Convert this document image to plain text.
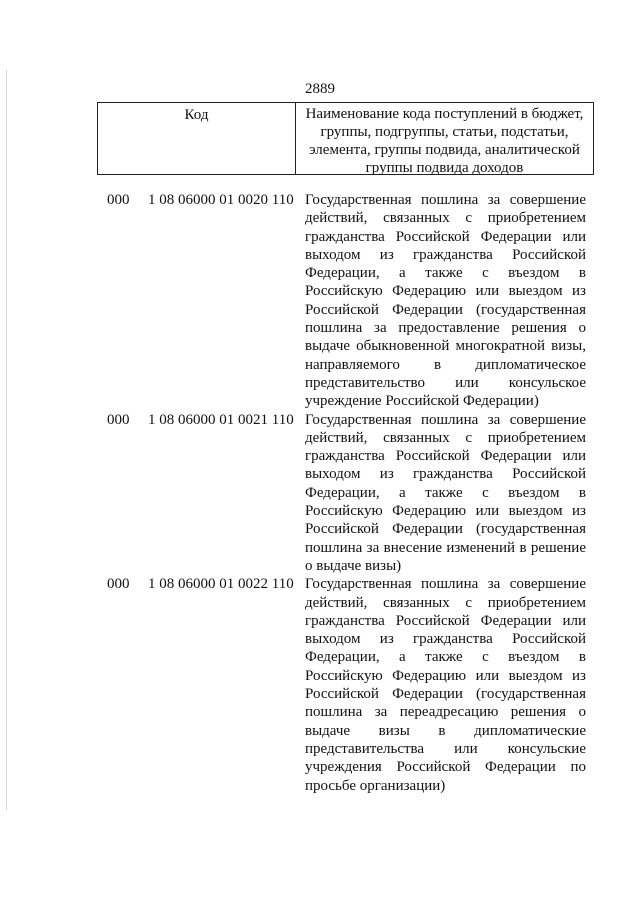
2889
Код	Наименование кода поступлений в бюджет, группы, подгруппы, статьи, подстатьи, элемента, группы подвида, аналитической группы подвида доходов
000 1 08 06000 01 0020 110 Государственная пошлина за совершение действий, связанных с приобретением гражданства Российской Федерации или выходом из гражданства Российской Федерации, а также с въездом в Российскую Федерацию или выездом из Российской Федерации (государственная пошлина за предоставление решения о выдаче обыкновенной многократной визы, направляемого в дипломатическое представительство или консульское учреждение Российской Федерации)
000 1 08 06000 01 0021 110 Государственная пошлина за совершение действий, связанных с приобретением гражданства Российской Федерации или выходом из гражданства Российской Федерации, а также с въездом в Российскую Федерацию или выездом из Российской Федерации (государственная пошлина за внесение изменений в решение о выдаче визы)
000 1 08 06000 01 0022 110 Государственная пошлина за совершение действий, связанных с приобретением гражданства Российской Федерации или выходом из гражданства Российской Федерации, а также с въездом в Российскую Федерацию или выездом из Российской Федерации (государственная пошлина за переадресацию решения о выдаче визы в дипломатические представительства или консульские учреждения Российской Федерации по просьбе организации)
